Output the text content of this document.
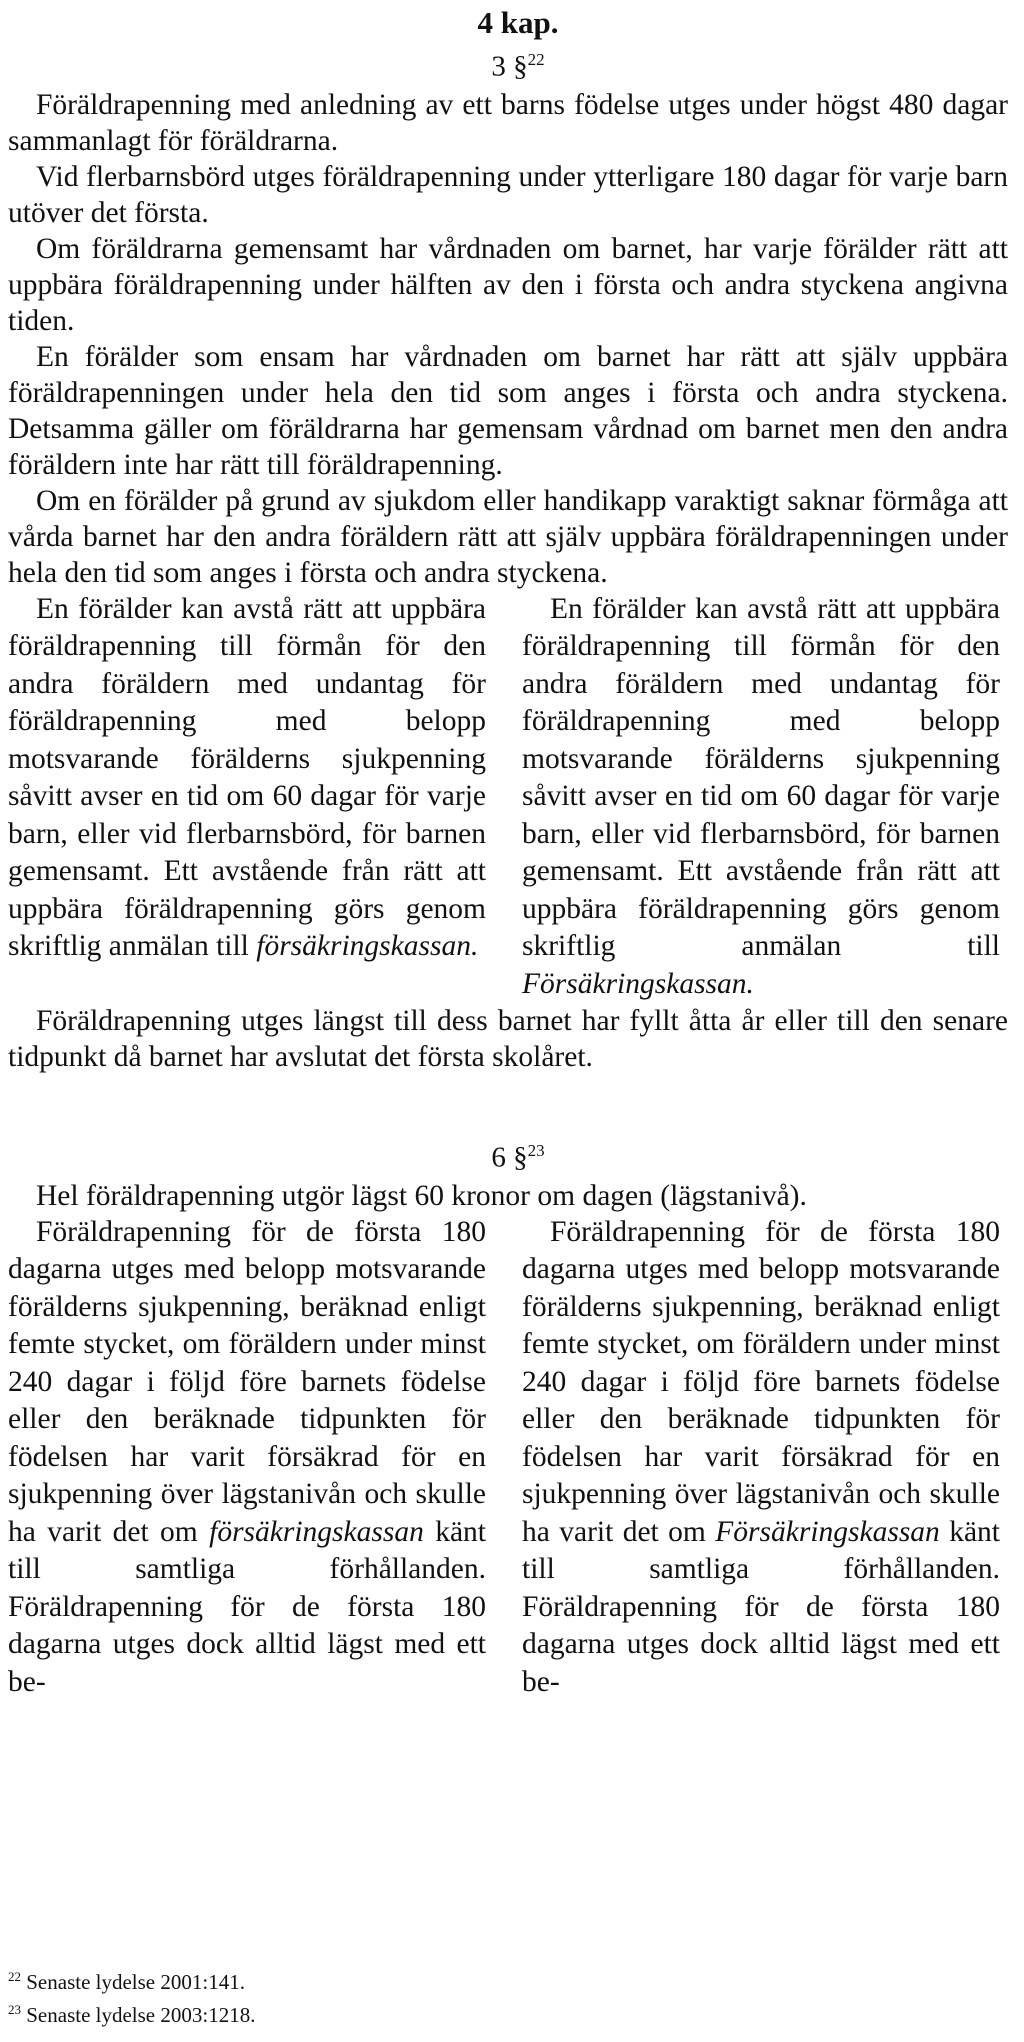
4 kap.
3 §$^{22}$

Föräldrapenning med anledning av ett barns födelse utges under högst 480 dagar sammanlagt för föräldrarna.

Vid flerbarnsbörd utges föräldrapenning under ytterligare 180 dagar för varje barn utöver det första.

Om föräldrarna gemensamt har vårdnaden om barnet, har varje förälder rätt att uppbära föräldrapenning under hälften av den i första och andra styckena angivna tiden.

En förälder som ensam har vårdnaden om barnet har rätt att själv uppbära föräldrapenningen under hela den tid som anges i första och andra styckena. Detsamma gäller om föräldrarna har gemensam vårdnad om barnet men den andra föräldern inte har rätt till föräldrapenning.

Om en förälder på grund av sjukdom eller handikapp varaktigt saknar förmåga att vårda barnet har den andra föräldern rätt att själv uppbära föräldrapenningen under hela den tid som anges i första och andra styckena.

En förälder kan avstå rätt att uppbära föräldrapenning till förmån för den andra föräldern med undantag för föräldrapenning med belopp motsvarande förälderns sjukpenning såvitt avser en tid om 60 dagar för varje barn, eller vid flerbarnsbörd, för barnen gemensamt. Ett avstående från rätt att uppbära föräldrapenning görs genom skriftlig anmälan till försäkringskassan.

En förälder kan avstå rätt att uppbära föräldrapenning till förmån för den andra föräldern med undantag för föräldrapenning med belopp motsvarande förälderns sjukpenning såvitt avser en tid om 60 dagar för varje barn, eller vid flerbarnsbörd, för barnen gemensamt. Ett avstående från rätt att uppbära föräldrapenning görs genom skriftlig anmälan till Försäkringskassan.

Föräldrapenning utges längst till dess barnet har fyllt åtta år eller till den senare tidpunkt då barnet har avslutat det första skolåret.

6 §$^{23}$

Hel föräldrapenning utgör lägst 60 kronor om dagen (lägstanivå).

Föräldrapenning för de första 180 dagarna utges med belopp motsvarande förälderns sjukpenning, beräknad enligt femte stycket, om föräldern under minst 240 dagar i följd före barnets födelse eller den beräknade tidpunkten för födelsen har varit försäkrad för en sjukpenning över lägstanivån och skulle ha varit det om försäkringskassan känt till samtliga förhållanden. Föräldrapenning för de första 180 dagarna utges dock alltid lägst med ett be-

Föräldrapenning för de första 180 dagarna utges med belopp motsvarande förälderns sjukpenning, beräknad enligt femte stycket, om föräldern under minst 240 dagar i följd före barnets födelse eller den beräknade tidpunkten för födelsen har varit försäkrad för en sjukpenning över lägstanivån och skulle ha varit det om Försäkringskassan känt till samtliga förhållanden. Föräldrapenning för de första 180 dagarna utges dock alltid lägst med ett be-

$^{22}$ Senaste lydelse 2001:141.
$^{23}$ Senaste lydelse 2003:1218.
